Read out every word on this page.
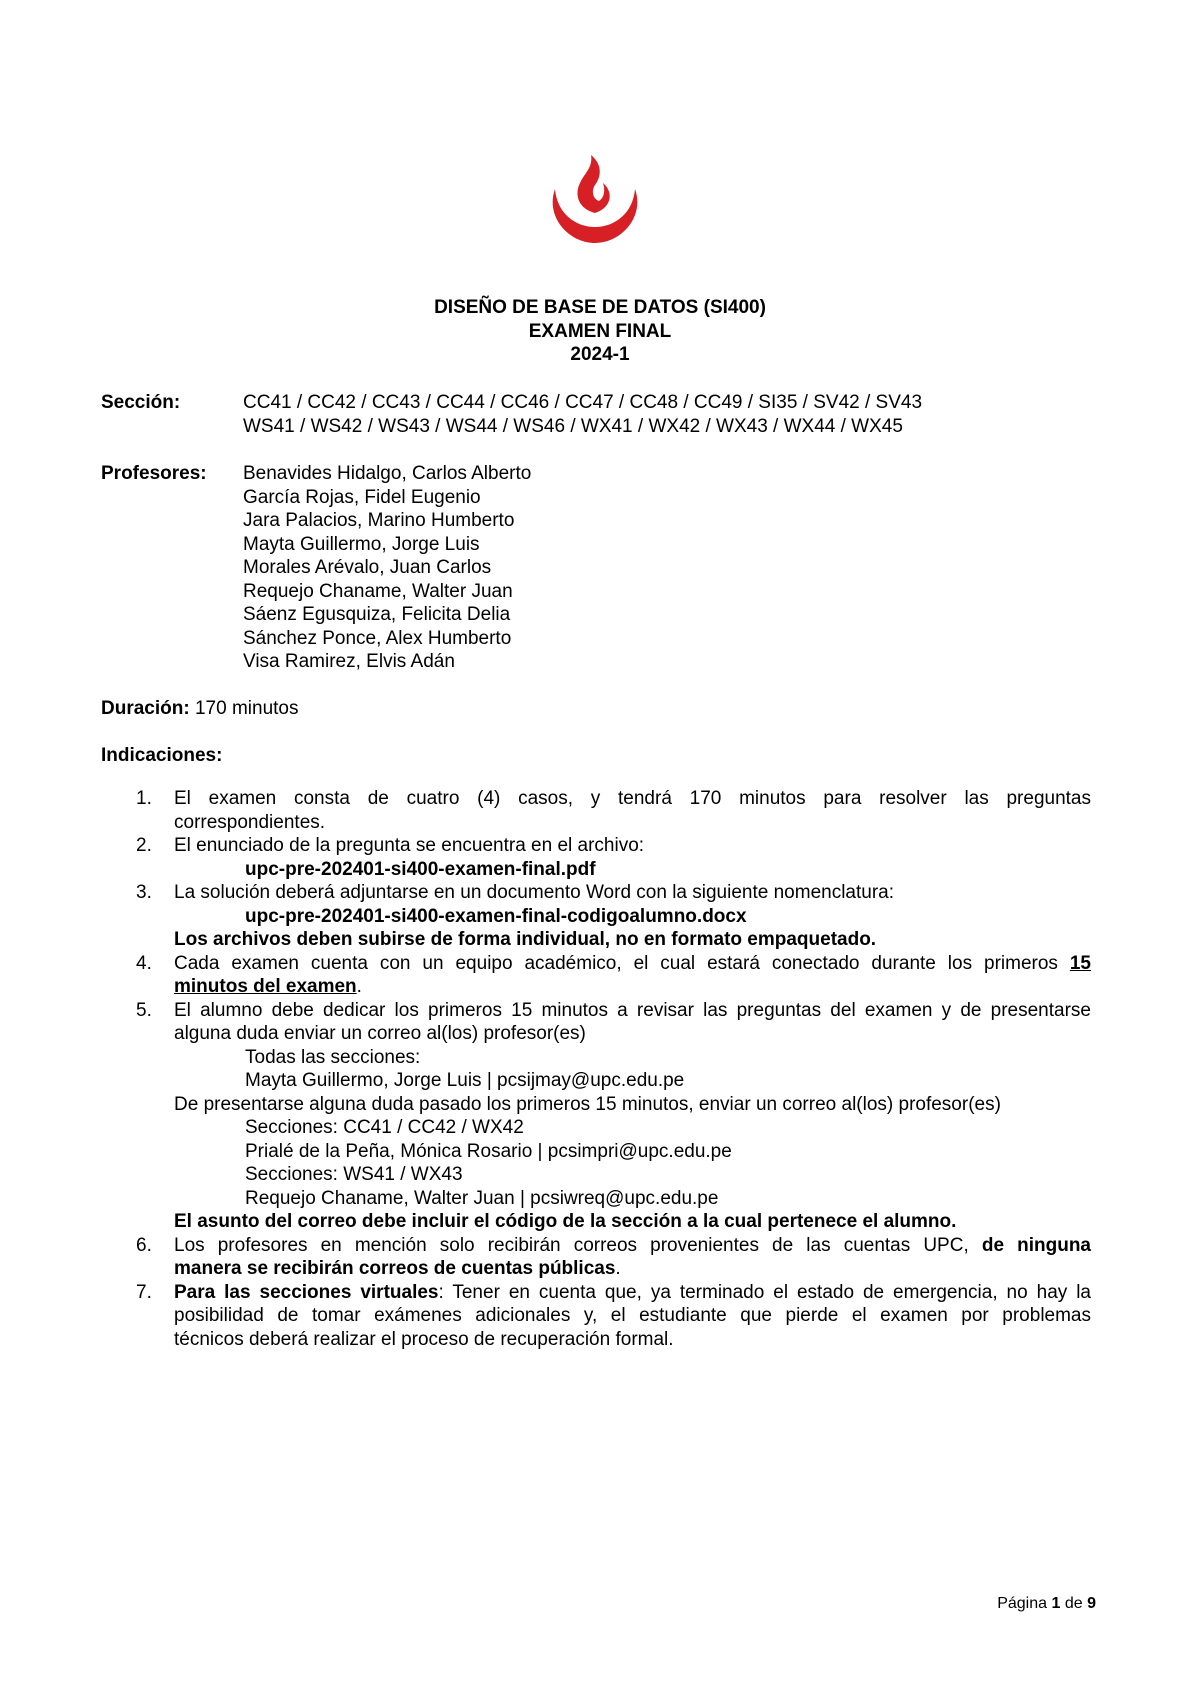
DISEÑO DE BASE DE DATOS (SI400)
EXAMEN FINAL
2024-1
Sección:	CC41 / CC42 / CC43 / CC44 / CC46 / CC47 / CC48 / CC49 / SI35 / SV42 / SV43
WS41 / WS42 / WS43 / WS44 / WS46 / WX41 / WX42 / WX43 / WX44 / WX45
Profesores: Benavides Hidalgo, Carlos Alberto
García Rojas, Fidel Eugenio
Jara Palacios, Marino Humberto
Mayta Guillermo, Jorge Luis
Morales Arévalo, Juan Carlos
Requejo Chaname, Walter Juan
Sáenz Egusquiza, Felicita Delia
Sánchez Ponce, Alex Humberto
Visa Ramirez, Elvis Adán
Duración: 170 minutos
Indicaciones:
1. El examen consta de cuatro (4) casos, y tendrá 170 minutos para resolver las preguntas
correspondientes.
2. El enunciado de la pregunta se encuentra en el archivo:
upc-pre-202401-si400-examen-final.pdf
3. La solución deberá adjuntarse en un documento Word con la siguiente nomenclatura:
upc-pre-202401-si400-examen-final-codigoalumno.docx
Los archivos deben subirse de forma individual, no en formato empaquetado.
4. Cada examen cuenta con un equipo académico, el cual estará conectado durante los primeros 15
minutos del examen.
5. El alumno debe dedicar los primeros 15 minutos a revisar las preguntas del examen y de presentarse
alguna duda enviar un correo al(los) profesor(es)
Todas las secciones:
Mayta Guillermo, Jorge Luis | pcsijmay@upc.edu.pe
De presentarse alguna duda pasado los primeros 15 minutos, enviar un correo al(los) profesor(es)
Secciones: CC41 / CC42 / WX42
Prialé de la Peña, Mónica Rosario | pcsimpri@upc.edu.pe
Secciones: WS41 / WX43
Requejo Chaname, Walter Juan | pcsiwreq@upc.edu.pe
El asunto del correo debe incluir el código de la sección a la cual pertenece el alumno.
6. Los profesores en mención solo recibirán correos provenientes de las cuentas UPC, de ninguna
manera se recibirán correos de cuentas públicas.
7. Para las secciones virtuales: Tener en cuenta que, ya terminado el estado de emergencia, no hay la
posibilidad de tomar exámenes adicionales y, el estudiante que pierde el examen por problemas
técnicos deberá realizar el proceso de recuperación formal.
Página 1 de 9
